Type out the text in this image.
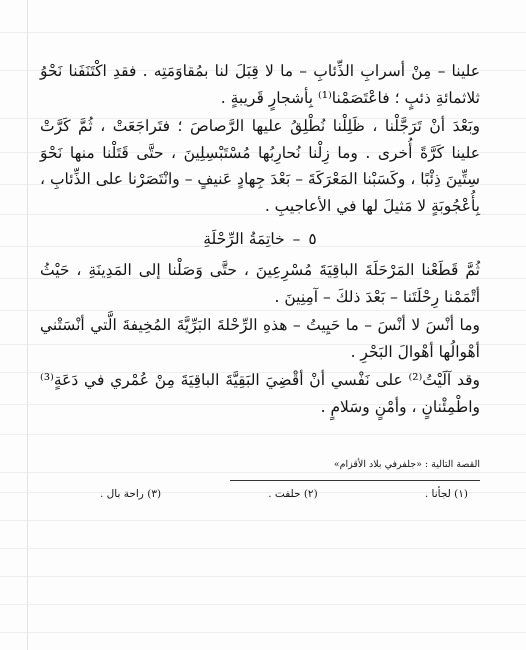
علينا – مِنْ أسرابِ الذِّئابِ – ما لا قِبَلَ لنا بمُقاوَمَتِه . فقدِ اكْتَنَفَنا نَحْوُ ثلاثمائةِ ذئبٍ ؛ فاعْتَصَمْنا⁽¹⁾ بِأشجارٍ قَريبةٍ .

وبَعْدَ أنْ تَرَجَّلْنا ، ظَلِلْنا نُطْلِقُ عليها الرَّصاصَ ؛ فتَراجَعَتْ ، ثُمَّ كَرَّتْ علينا كَرَّةً أُخرى . وما زِلْنا نُحارِبُها مُسْتَبْسِلِينَ ، حتَّى قَتَلْنا منها نَحْوَ سِتِّينَ ذِئْبًا ، وكَسَبْنا المَعْرَكَةَ – بَعْدَ جِهادٍ عَنيفٍ – وانْتَصَرْنا على الذِّئابِ ، بِأُعْجُوبَةٍ لا مَثيلَ لها في الأعاجيبِ .

٥–خاتِمَةُ الرِّحْلَةِ

ثُمَّ قَطَعْنا المَرْحَلَةَ الباقِيَةَ مُسْرِعِينَ ، حتَّى وَصَلْنا إلى المَدِينَةِ ، حَيْثُ أتْمَمْنا رِحْلَتَنا – بَعْدَ ذلكَ – آمِنِينَ .

وما أنْسَ لا أنْسَ – ما حَيِيتُ – هذهِ الرِّحْلةَ البَرِّيَّةَ المُخِيفةَ الَّتي أنْسَتْني أهْوالُها أهْوالَ البَحْرِ .

وقد آلَيْتُ⁽²⁾ على نَفْسي أنْ أقْضِيَ البَقِيَّةَ الباقِيَةَ مِنْ عُمْري في دَعَةٍ⁽³⁾ واطْمِئْنانٍ ، وأمْنٍ وسَلامٍ .

القصة التالية : «جلفرفي بلاد الأقزام»
(١) لجأنا .
(٢) حلفت .
(٣) راحة بال .
